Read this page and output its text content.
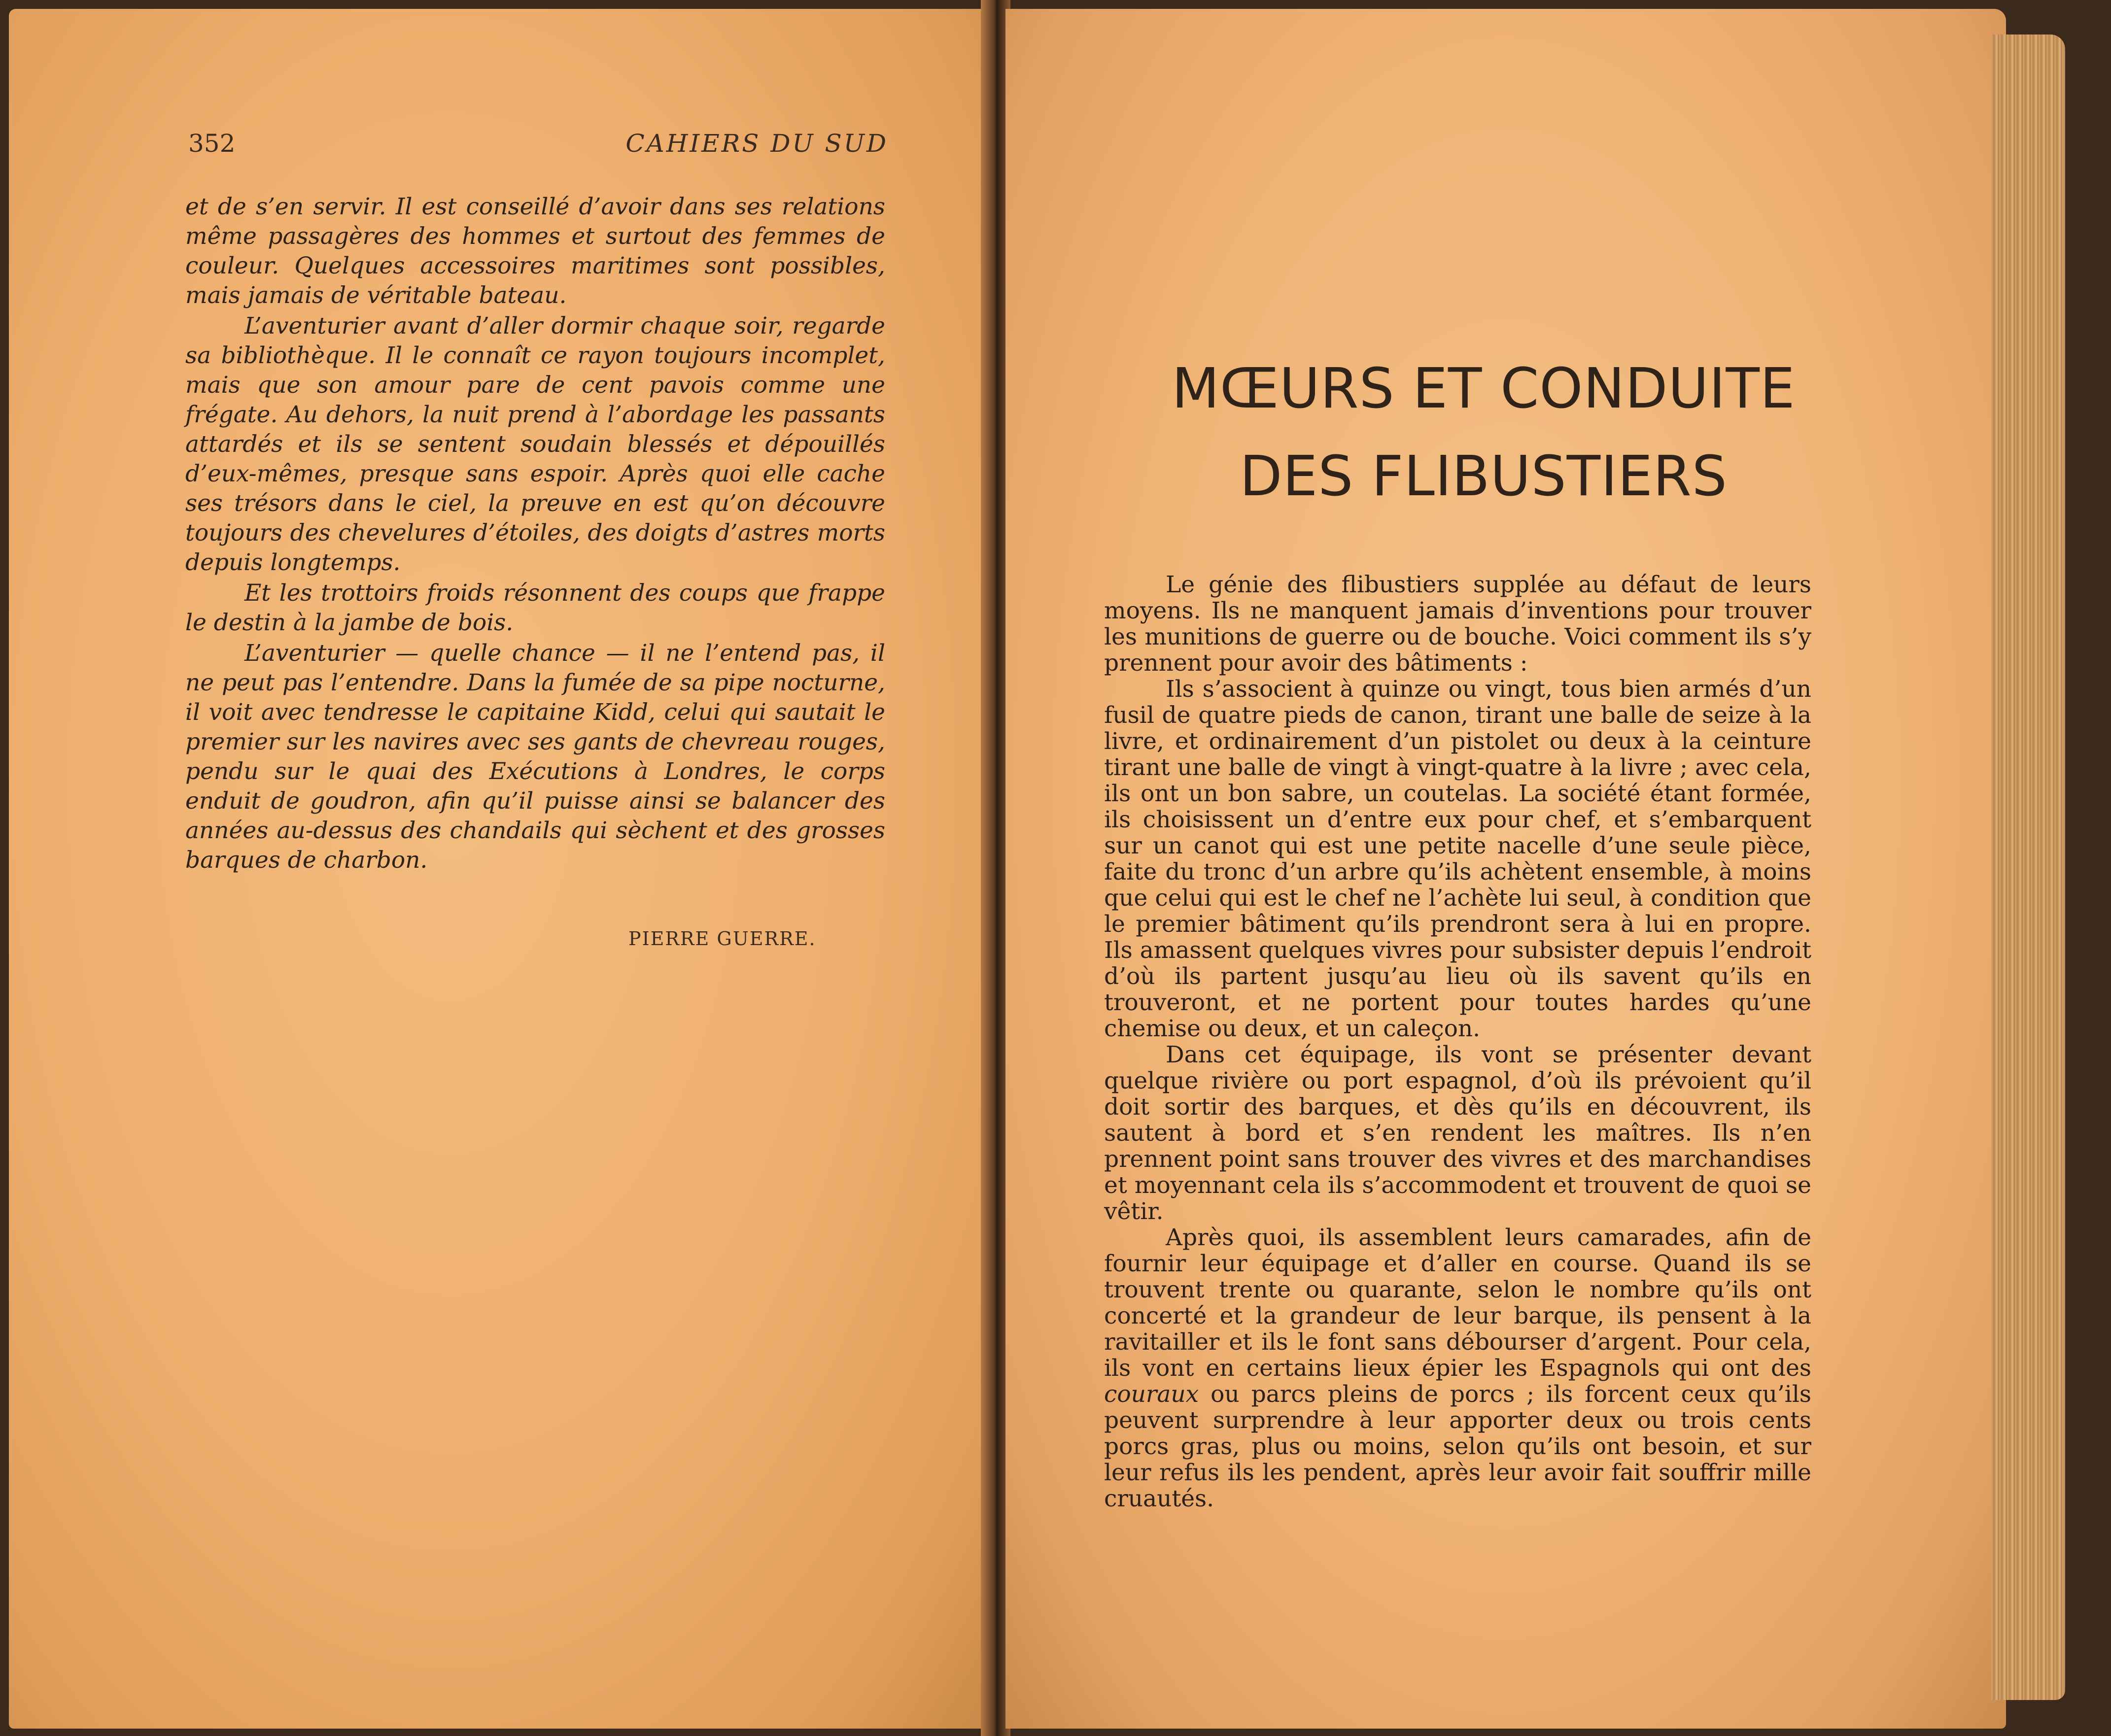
352	CAHIERS DU SUD

et de s’en servir. Il est conseillé d’avoir dans ses relations même passagères des hommes et surtout des femmes de couleur. Quelques accessoires maritimes sont possibles, mais jamais de véritable bateau.

L’aventurier avant d’aller dormir chaque soir, regarde sa bibliothèque. Il le connaît ce rayon toujours incomplet, mais que son amour pare de cent pavois comme une frégate. Au dehors, la nuit prend à l’abordage les passants attardés et ils se sentent soudain blessés et dépouillés d’eux-mêmes, presque sans espoir. Après quoi elle cache ses trésors dans le ciel, la preuve en est qu’on découvre toujours des chevelures d’étoiles, des doigts d’astres morts depuis longtemps.

Et les trottoirs froids résonnent des coups que frappe le destin à la jambe de bois.

L’aventurier — quelle chance — il ne l’entend pas, il ne peut pas l’entendre. Dans la fumée de sa pipe nocturne, il voit avec tendresse le capitaine Kidd, celui qui sautait le premier sur les navires avec ses gants de chevreau rouges, pendu sur le quai des Exécutions à Londres, le corps enduit de goudron, afin qu’il puisse ainsi se balancer des années au-dessus des chandails qui sèchent et des grosses barques de charbon.

PIERRE GUERRE.
MŒURS ET CONDUITE
DES FLIBUSTIERS

Le génie des flibustiers supplée au défaut de leurs moyens. Ils ne manquent jamais d’inventions pour trouver les munitions de guerre ou de bouche. Voici comment ils s’y prennent pour avoir des bâtiments :

Ils s’associent à quinze ou vingt, tous bien armés d’un fusil de quatre pieds de canon, tirant une balle de seize à la livre, et ordinairement d’un pistolet ou deux à la ceinture tirant une balle de vingt à vingt-quatre à la livre ; avec cela, ils ont un bon sabre, un coutelas. La société étant formée, ils choisissent un d’entre eux pour chef, et s’embarquent sur un canot qui est une petite nacelle d’une seule pièce, faite du tronc d’un arbre qu’ils achètent ensemble, à moins que celui qui est le chef ne l’achète lui seul, à condition que le premier bâtiment qu’ils prendront sera à lui en propre. Ils amassent quelques vivres pour subsister depuis l’endroit d’où ils partent jusqu’au lieu où ils savent qu’ils en trouveront, et ne portent pour toutes hardes qu’une chemise ou deux, et un caleçon.

Dans cet équipage, ils vont se présenter devant quelque rivière ou port espagnol, d’où ils prévoient qu’il doit sortir des barques, et dès qu’ils en découvrent, ils sautent à bord et s’en rendent les maîtres. Ils n’en prennent point sans trouver des vivres et des marchandises et moyennant cela ils s’accommodent et trouvent de quoi se vêtir.

Après quoi, ils assemblent leurs camarades, afin de fournir leur équipage et d’aller en course. Quand ils se trouvent trente ou quarante, selon le nombre qu’ils ont concerté et la grandeur de leur barque, ils pensent à la ravitailler et ils le font sans débourser d’argent. Pour cela, ils vont en certains lieux épier les Espagnols qui ont des couraux ou parcs pleins de porcs ; ils forcent ceux qu’ils peuvent surprendre à leur apporter deux ou trois cents porcs gras, plus ou moins, selon qu’ils ont besoin, et sur leur refus ils les pendent, après leur avoir fait souffrir mille cruautés.
